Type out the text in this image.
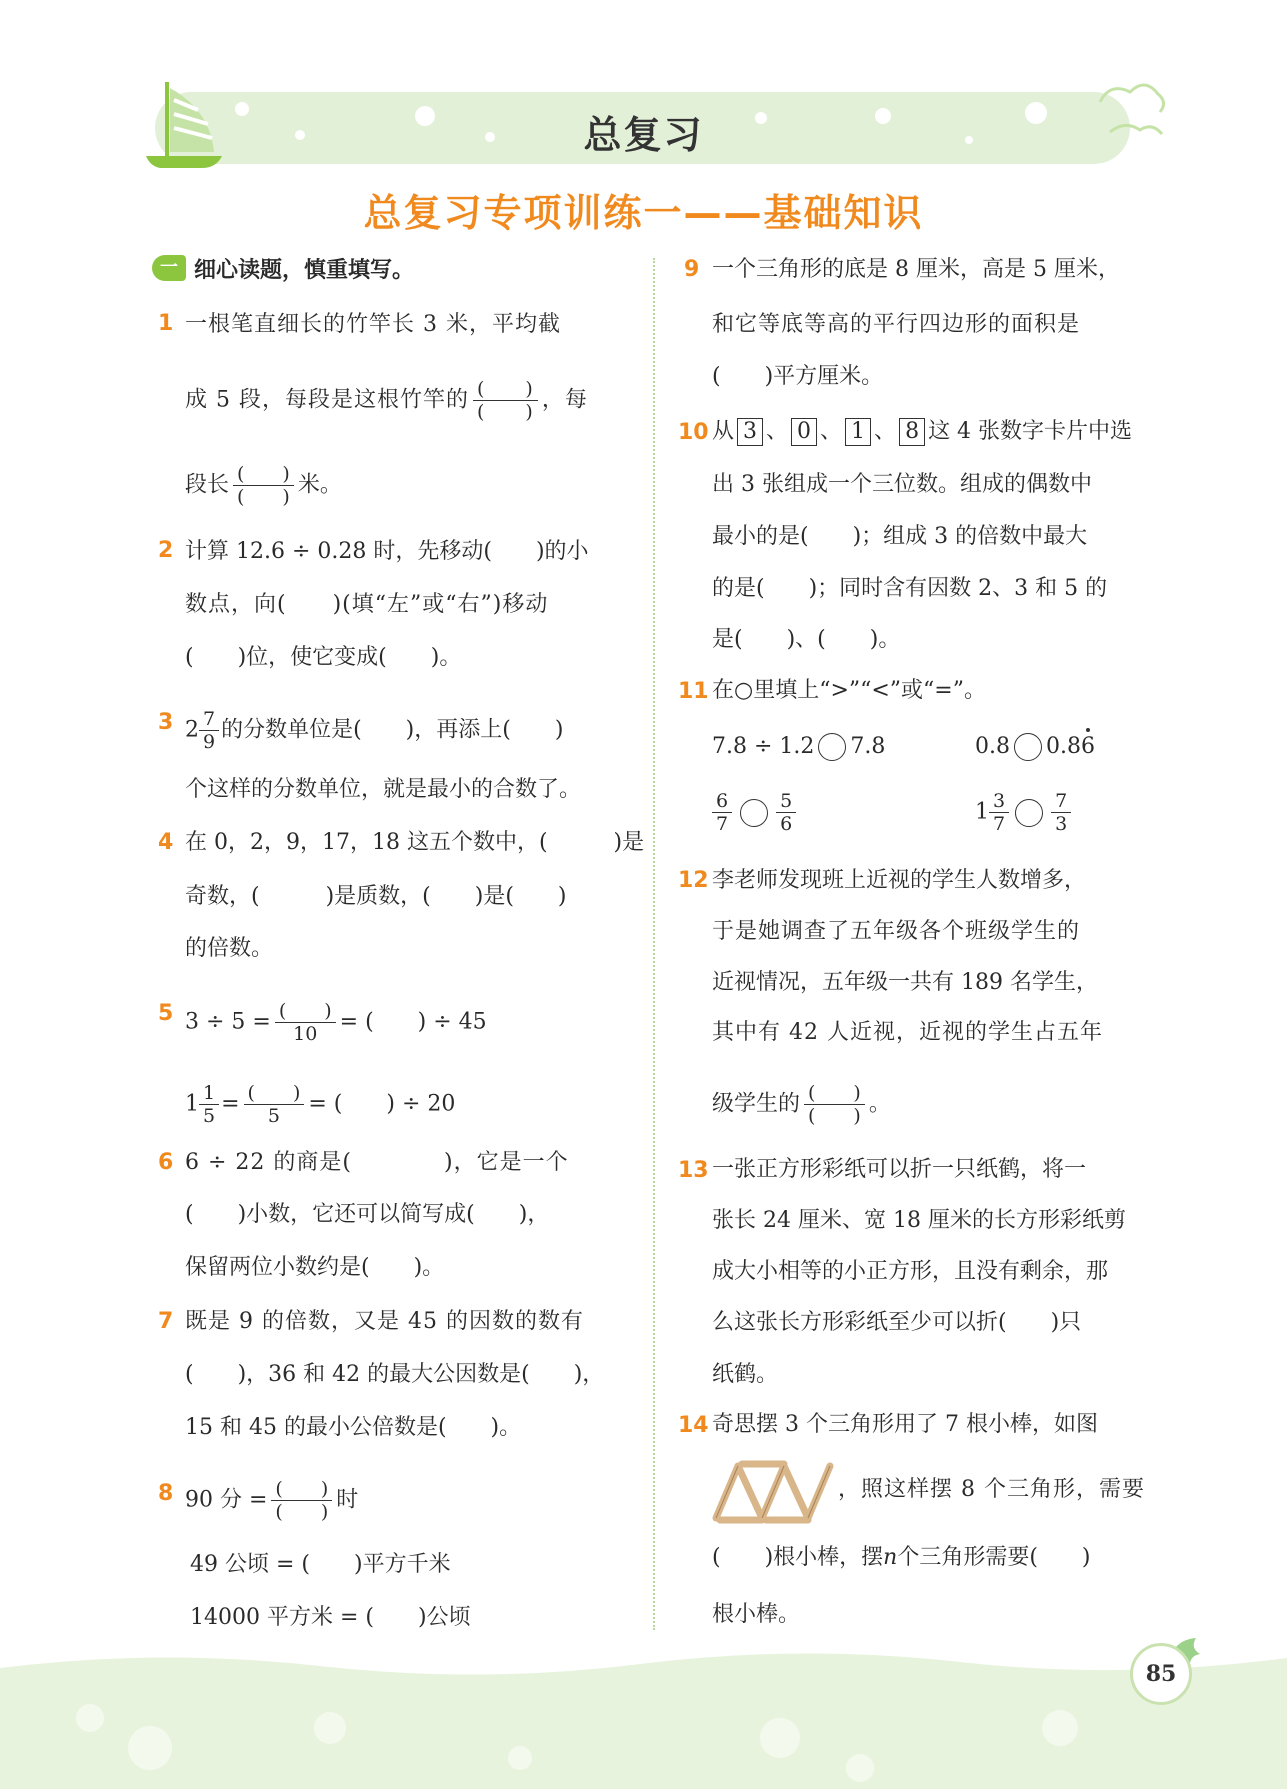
总复习
总复习专项训练一——基础知识
一 细心读题，慎重填写。
1 一根笔直细长的竹竿长 3 米，平均截
成 5 段，每段是这根竹竿的 $\frac{( )}{( )}$ ，每
段长 $\frac{( )}{( )}$ 米。
2 计算 12.6 ÷ 0.28 时，先移动(　　)的小
数点，向(　　)(填“左”或“右”)移动
(　　)位，使它变成(　　)。
3 $2 \frac{7}{9}$ 的分数单位是(　　)，再添上(　　)
个这样的分数单位，就是最小的合数了。
4 在 0，2，9，17，18 这五个数中，(　　　)是
奇数，(　　　)是质数，(　　)是(　　)
的倍数。
5 $3 \div 5 = \frac{( )}{10}$ = (　　) ÷ 45
$1 \frac{1}{5} = \frac{( )}{5}$ = (　　) ÷ 20
6 6 ÷ 22 的商是(　　　　)，它是一个
(　　)小数，它还可以简写成(　　)，
保留两位小数约是(　　)。
7 既是 9 的倍数，又是 45 的因数的数有
(　　)，36 和 42 的最大公因数是(　　)，
15 和 45 的最小公倍数是(　　)。
8 90 分 = $\frac{( )}{( )}$ 时
49 公顷 = (　　)平方千米
14000 平方米 = (　　)公顷
9 一个三角形的底是 8 厘米，高是 5 厘米，
和它等底等高的平行四边形的面积是
(　　)平方厘米。
10 从 3 、 0 、 1 、 8 这 4 张数字卡片中选
出 3 张组成一个三位数。组成的偶数中
最小的是(　　)；组成 3 的倍数中最大
的是(　　)；同时含有因数 2、3 和 5 的
是(　　)、(　　)。
11 在○里填上“>”“<”或“=”。
7.8 ÷ 1.2 7.8	0.8 0.86
$\frac{6}{7} \frac{5}{6}$	$1 \frac{3}{7} \frac{7}{3}$
12 李老师发现班上近视的学生人数增多，
于是她调查了五年级各个班级学生的
近视情况，五年级一共有 189 名学生，
其中有 42 人近视，近视的学生占五年
级学生的 $\frac{( )}{( )}$ 。
13 一张正方形彩纸可以折一只纸鹤，将一
张长 24 厘米、宽 18 厘米的长方形彩纸剪
成大小相等的小正方形，且没有剩余，那
么这张长方形彩纸至少可以折(　　)只
纸鹤。
14 奇思摆 3 个三角形用了 7 根小棒，如图
，照这样摆 8 个三角形，需要
(　　)根小棒，摆n个三角形需要(　　)
根小棒。
85
